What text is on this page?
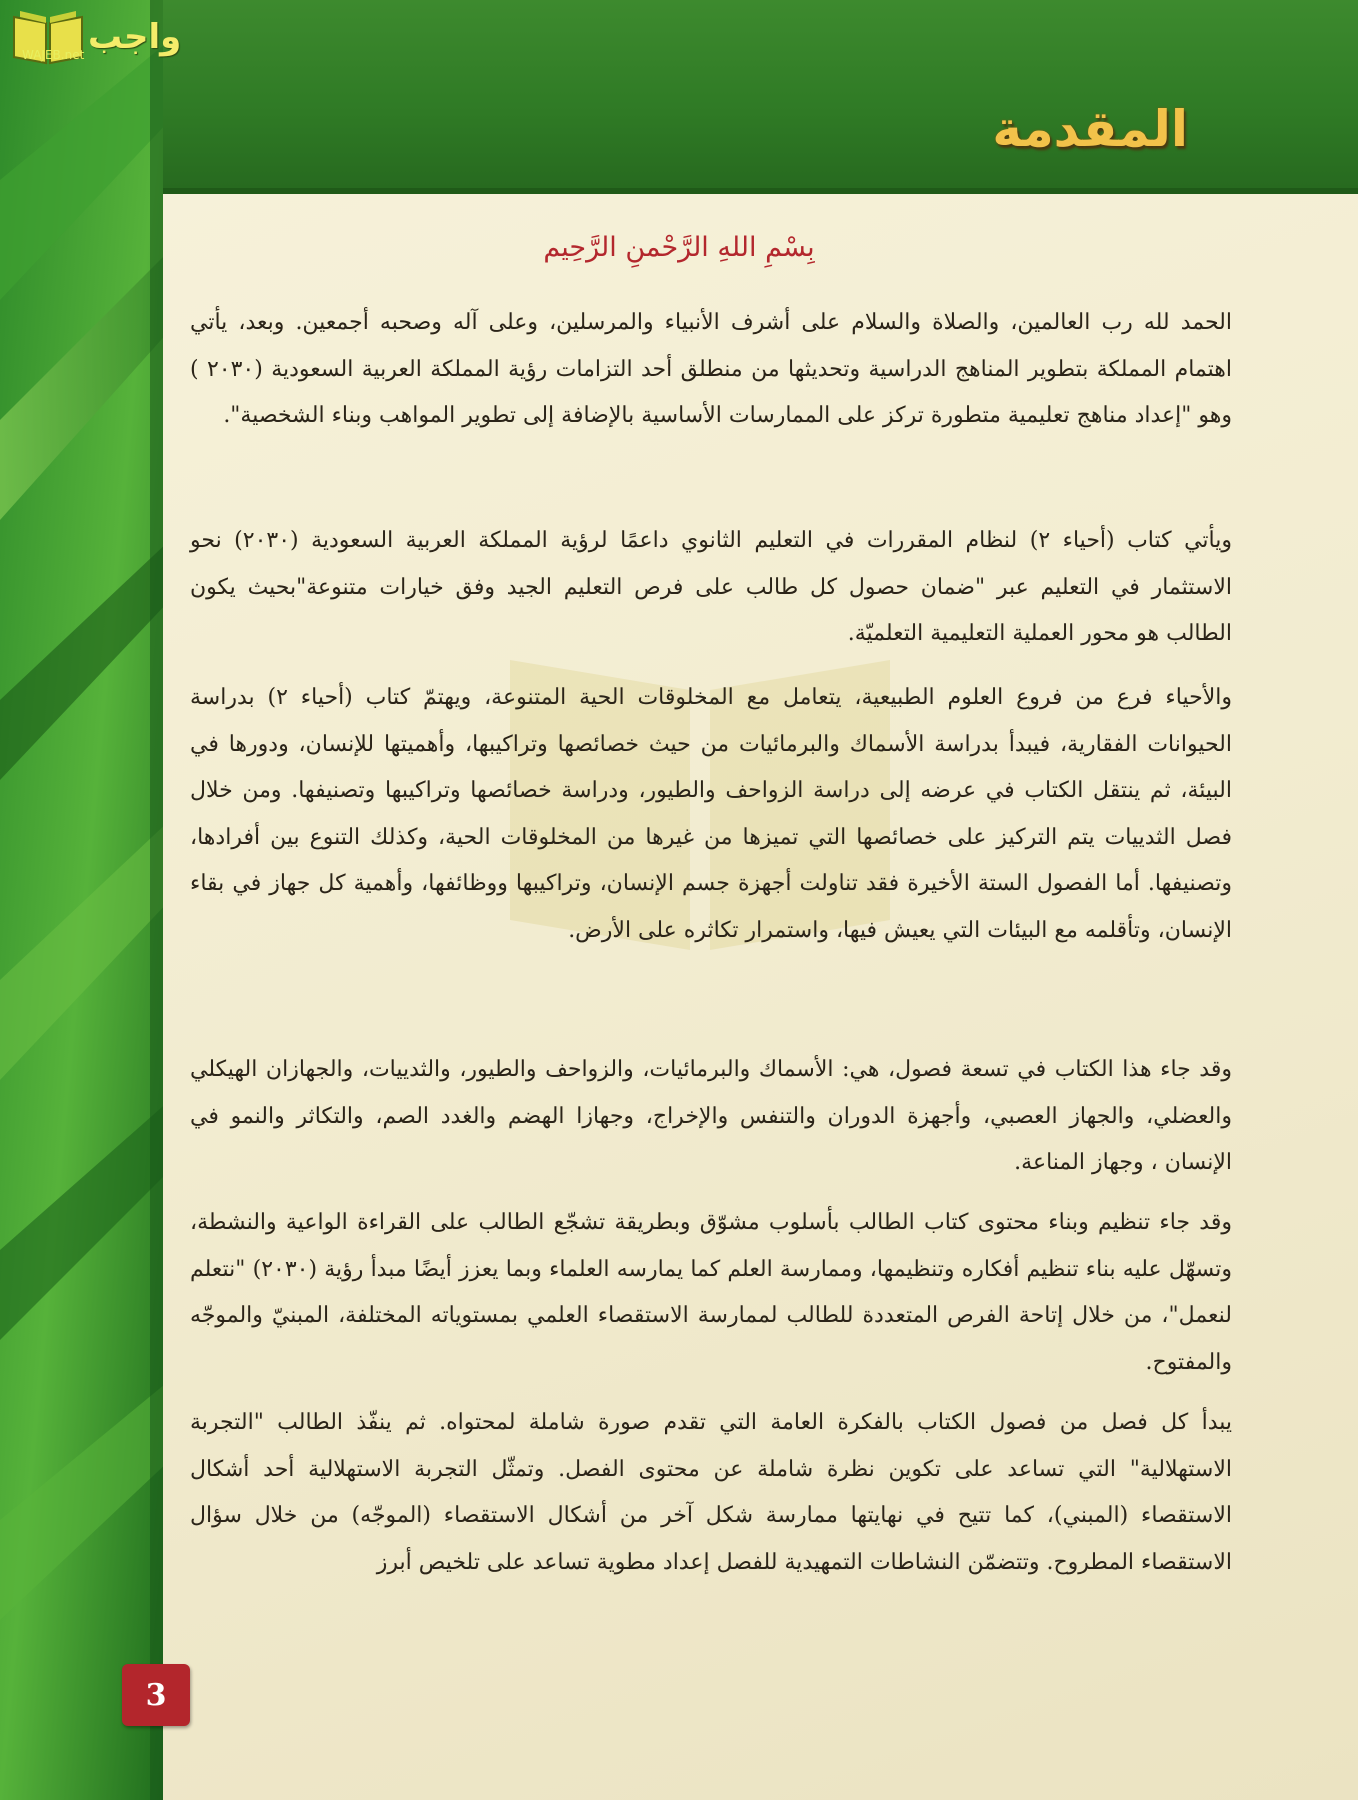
المقدمة
واجب
WAJEB.net
بِسْمِ اللهِ الرَّحْمنِ الرَّحِيم

الحمد لله رب العالمين، والصلاة والسلام على أشرف الأنبياء والمرسلين، وعلى آله وصحبه أجمعين. وبعد، يأتي اهتمام المملكة بتطوير المناهج الدراسية وتحديثها من منطلق أحد التزامات رؤية المملكة العربية السعودية (٢٠٣٠ ) وهو "إعداد مناهج تعليمية متطورة تركز على الممارسات الأساسية بالإضافة إلى تطوير المواهب وبناء الشخصية".

ويأتي كتاب (أحياء ٢) لنظام المقررات في التعليم الثانوي داعمًا لرؤية المملكة العربية السعودية (٢٠٣٠) نحو الاستثمار في التعليم عبر "ضمان حصول كل طالب على فرص التعليم الجيد وفق خيارات متنوعة"بحيث يكون الطالب هو محور العملية التعليمية التعلميّة.

والأحياء فرع من فروع العلوم الطبيعية، يتعامل مع المخلوقات الحية المتنوعة، ويهتمّ كتاب (أحياء ٢) بدراسة الحيوانات الفقارية، فيبدأ بدراسة الأسماك والبرمائيات من حيث خصائصها وتراكيبها، وأهميتها للإنسان، ودورها في البيئة، ثم ينتقل الكتاب في عرضه إلى دراسة الزواحف والطيور، ودراسة خصائصها وتراكيبها وتصنيفها. ومن خلال فصل الثدييات يتم التركيز على خصائصها التي تميزها من غيرها من المخلوقات الحية، وكذلك التنوع بين أفرادها، وتصنيفها. أما الفصول الستة الأخيرة فقد تناولت أجهزة جسم الإنسان، وتراكيبها ووظائفها، وأهمية كل جهاز في بقاء الإنسان، وتأقلمه مع البيئات التي يعيش فيها، واستمرار تكاثره على الأرض.

وقد جاء هذا الكتاب في تسعة فصول، هي: الأسماك والبرمائيات، والزواحف والطيور، والثدييات، والجهازان الهيكلي والعضلي، والجهاز العصبي، وأجهزة الدوران والتنفس والإخراج، وجهازا الهضم والغدد الصم، والتكاثر والنمو في الإنسان ، وجهاز المناعة.

وقد جاء تنظيم وبناء محتوى كتاب الطالب بأسلوب مشوّق وبطريقة تشجّع الطالب على القراءة الواعية والنشطة، وتسهّل عليه بناء تنظيم أفكاره وتنظيمها، وممارسة العلم كما يمارسه العلماء وبما يعزز أيضًا مبدأ رؤية (٢٠٣٠) "نتعلم لنعمل"، من خلال إتاحة الفرص المتعددة للطالب لممارسة الاستقصاء العلمي بمستوياته المختلفة، المبنيّ والموجّه والمفتوح.

يبدأ كل فصل من فصول الكتاب بالفكرة العامة التي تقدم صورة شاملة لمحتواه. ثم ينفّذ الطالب "التجربة الاستهلالية" التي تساعد على تكوين نظرة شاملة عن محتوى الفصل. وتمثّل التجربة الاستهلالية أحد أشكال الاستقصاء (المبني)، كما تتيح في نهايتها ممارسة شكل آخر من أشكال الاستقصاء (الموجّه) من خلال سؤال الاستقصاء المطروح. وتتضمّن النشاطات التمهيدية للفصل إعداد مطوية تساعد على تلخيص أبرز

3
